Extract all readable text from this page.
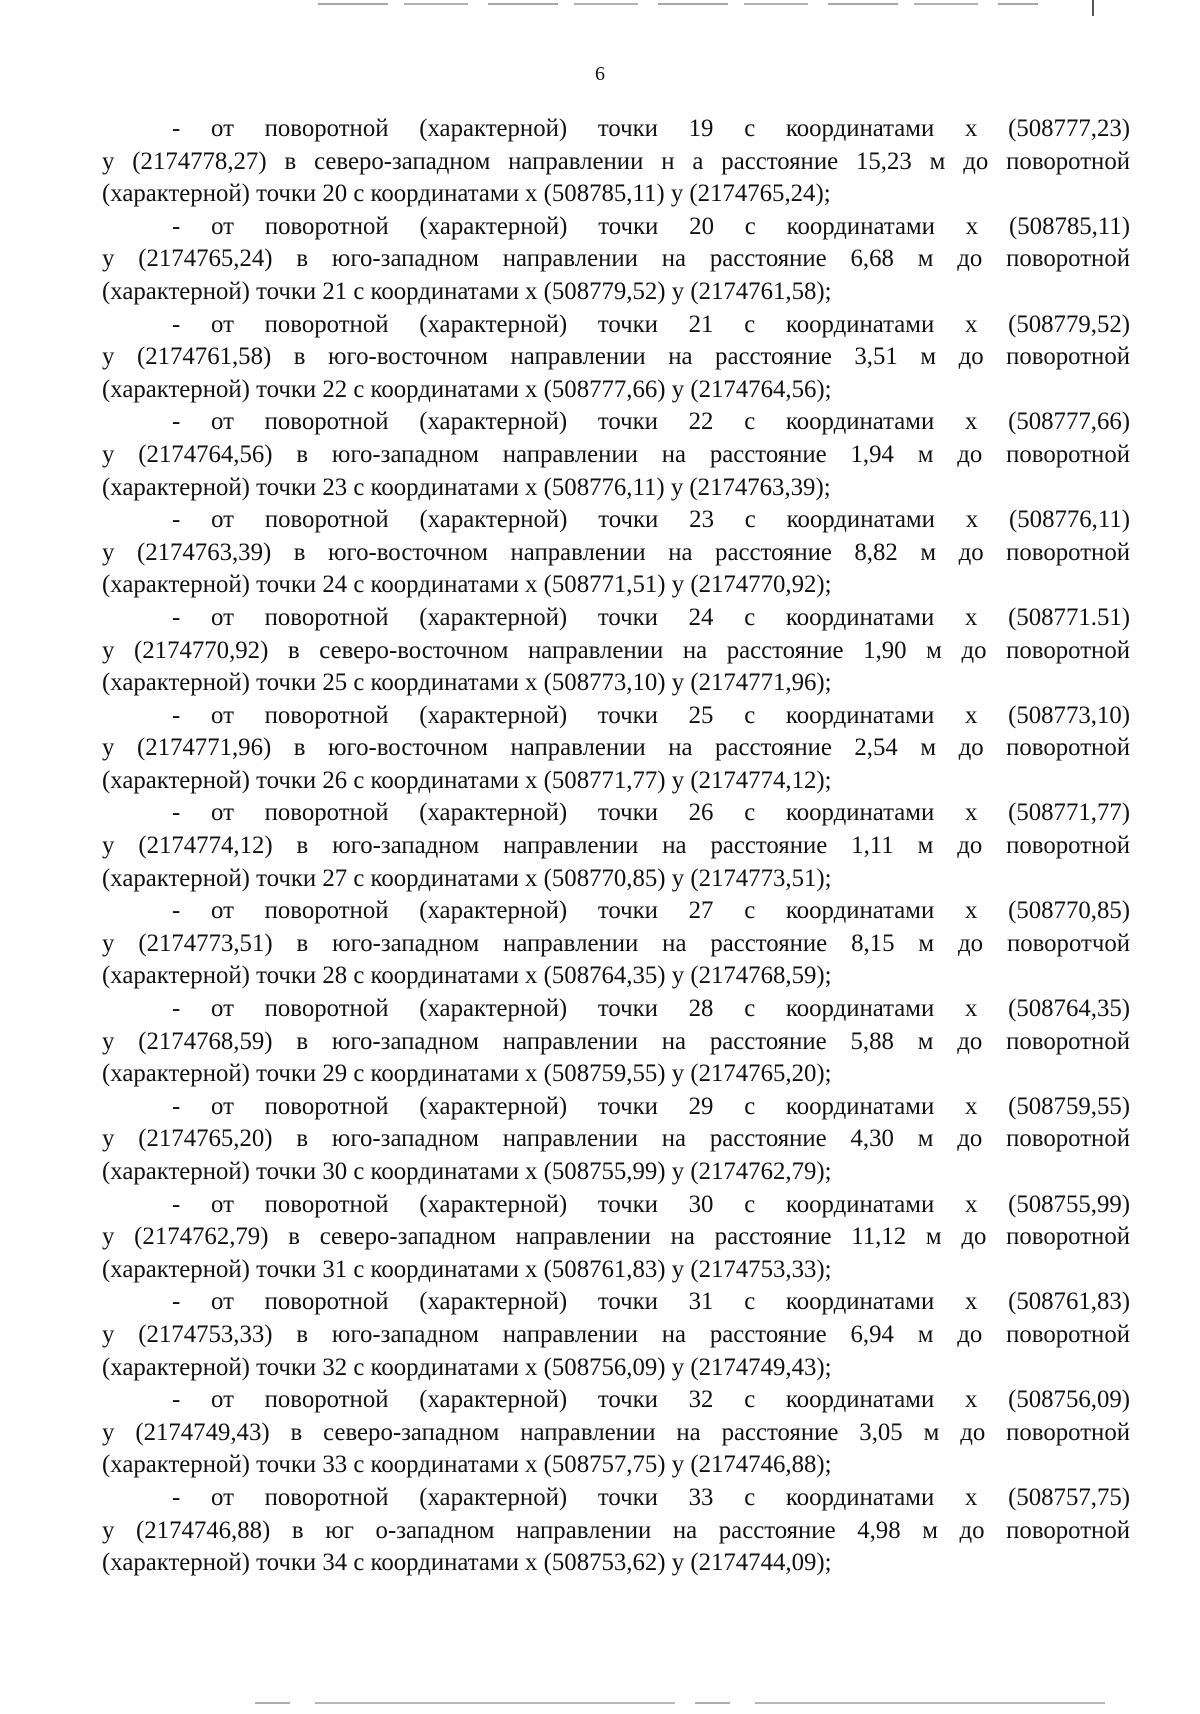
6
- от поворотной (характерной) точки 19 с координатами х (508777,23)
у (2174778,27) в северо-западном направлении н а расстояние 15,23 м до поворотной
(характерной) точки 20 с координатами х (508785,11) у (2174765,24);
- от поворотной (характерной) точки 20 с координатами х (508785,11)
у (2174765,24) в юго-западном направлении на расстояние 6,68 м до поворотной
(характерной) точки 21 с координатами х (508779,52) у (2174761,58);
- от поворотной (характерной) точки 21 с координатами х (508779,52)
у (2174761,58) в юго-восточном направлении на расстояние 3,51 м до поворотной
(характерной) точки 22 с координатами х (508777,66) у (2174764,56);
- от поворотной (характерной) точки 22 с координатами х (508777,66)
у (2174764,56) в юго-западном направлении на расстояние 1,94 м до поворотной
(характерной) точки 23 с координатами х (508776,11) у (2174763,39);
- от поворотной (характерной) точки 23 с координатами х (508776,11)
у (2174763,39) в юго-восточном направлении на расстояние 8,82 м до поворотной
(характерной) точки 24 с координатами х (508771,51) у (2174770,92);
- от поворотной (характерной) точки 24 с координатами х (508771.51)
у (2174770,92) в северо-восточном направлении на расстояние 1,90 м до поворотной
(характерной) точки 25 с координатами х (508773,10) у (2174771,96);
- от поворотной (характерной) точки 25 с координатами х (508773,10)
у (2174771,96) в юго-восточном направлении на расстояние 2,54 м до поворотной
(характерной) точки 26 с координатами х (508771,77) у (2174774,12);
- от поворотной (характерной) точки 26 с координатами х (508771,77)
у (2174774,12) в юго-западном направлении на расстояние 1,11 м до поворотной
(характерной) точки 27 с координатами х (508770,85) у (2174773,51);
- от поворотной (характерной) точки 27 с координатами х (508770,85)
у (2174773,51) в юго-западном направлении на расстояние 8,15 м до поворотчой
(характерной) точки 28 с координатами х (508764,35) у (2174768,59);
- от поворотной (характерной) точки 28 с координатами х (508764,35)
у (2174768,59) в юго-западном направлении на расстояние 5,88 м до поворотной
(характерной) точки 29 с координатами х (508759,55) у (2174765,20);
- от поворотной (характерной) точки 29 с координатами х (508759,55)
у (2174765,20) в юго-западном направлении на расстояние 4,30 м до поворотной
(характерной) точки 30 с координатами х (508755,99) у (2174762,79);
- от поворотной (характерной) точки 30 с координатами х (508755,99)
у (2174762,79) в северо-западном направлении на расстояние 11,12 м до поворотной
(характерной) точки 31 с координатами х (508761,83) у (2174753,33);
- от поворотной (характерной) точки 31 с координатами х (508761,83)
у (2174753,33) в юго-западном направлении на расстояние 6,94 м до поворотной
(характерной) точки 32 с координатами х (508756,09) у (2174749,43);
- от поворотной (характерной) точки 32 с координатами х (508756,09)
у (2174749,43) в северо-западном направлении на расстояние 3,05 м до поворотной
(характерной) точки 33 с координатами х (508757,75) у (2174746,88);
- от поворотной (характерной) точки 33 с координатами х (508757,75)
у (2174746,88) в юг о-западном направлении на расстояние 4,98 м до поворотной
(характерной) точки 34 с координатами х (508753,62) у (2174744,09);
